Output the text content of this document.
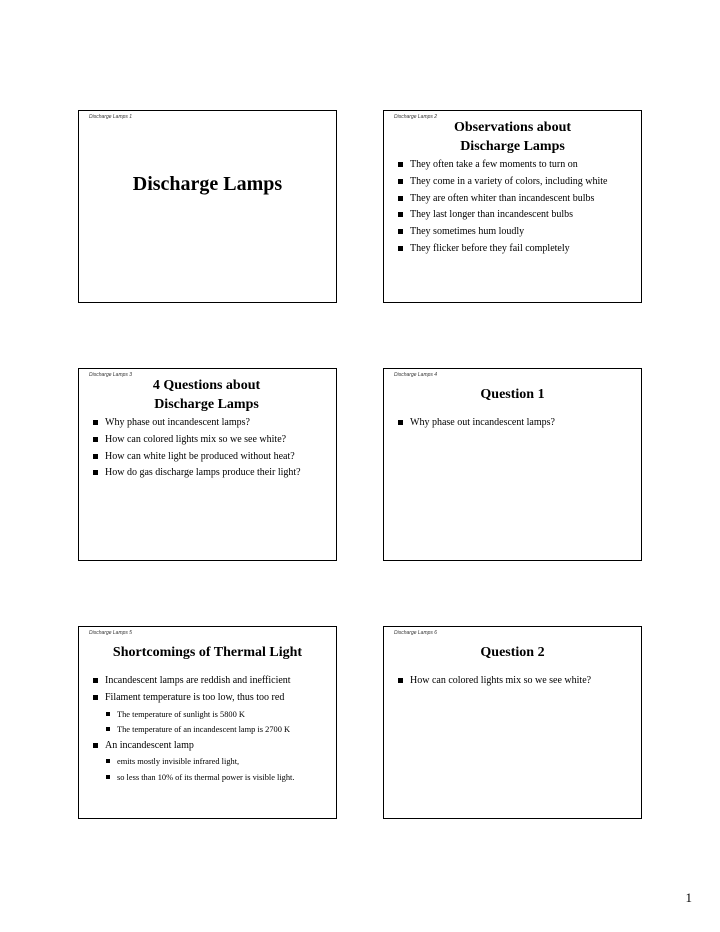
Discharge Lamps 1
Discharge Lamps
Discharge Lamps 2
Observations about
Discharge Lamps
They often take a few moments to turn on
They come in a variety of colors, including white
They are often whiter than incandescent bulbs
They last longer than incandescent bulbs
They sometimes hum loudly
They flicker before they fail completely
Discharge Lamps 3
4 Questions about
Discharge Lamps
Why phase out incandescent lamps?
How can colored lights mix so we see white?
How can white light be produced without heat?
How do gas discharge lamps produce their light?
Discharge Lamps 4
Question 1
Why phase out incandescent lamps?
Discharge Lamps 5
Shortcomings of Thermal Light
Incandescent lamps are reddish and inefficient
Filament temperature is too low, thus too red
The temperature of sunlight is 5800 K
The temperature of an incandescent lamp is 2700 K
An incandescent lamp
emits mostly invisible infrared light,
so less than 10% of its thermal power is visible light.
Discharge Lamps 6
Question 2
How can colored lights mix so we see white?
1
